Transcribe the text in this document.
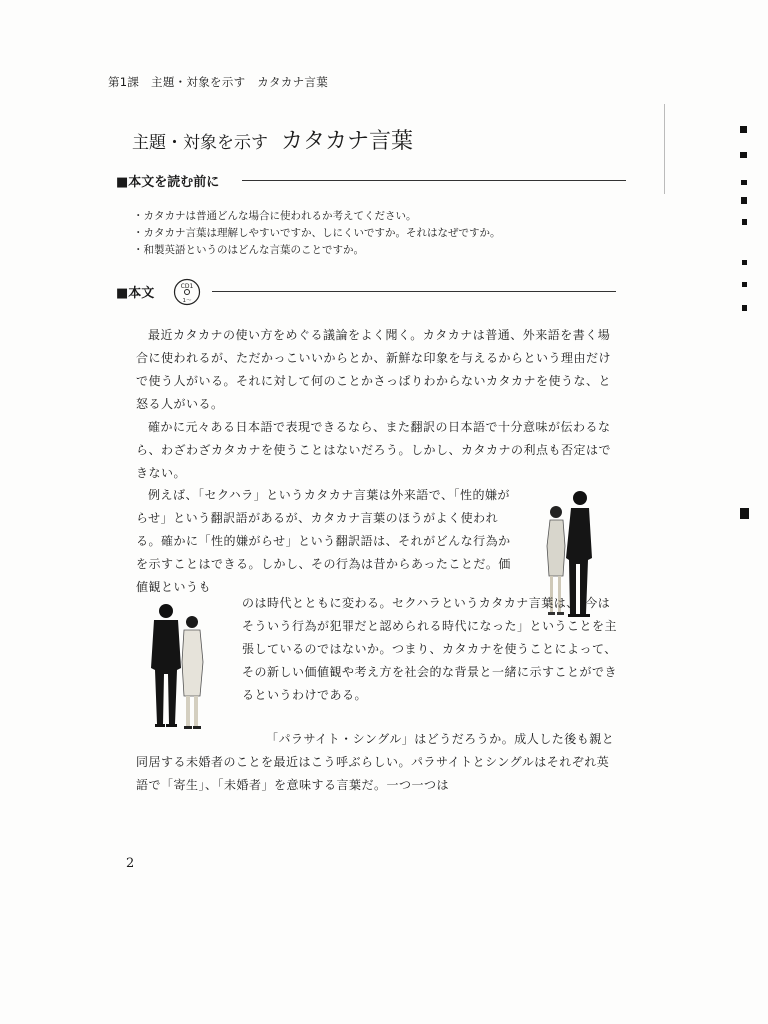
第1課　主題・対象を示す　カタカナ言葉
主題・対象を示す カタカナ言葉
■本文を読む前に
・ カタカナは普通どんな場合に使われるか考えてください。
・ カタカナ言葉は理解しやすいですか、しにくいですか。それはなぜですか。
・ 和製英語というのはどんな言葉のことですか。
■本文	CD1
1〜

最近カタカナの使い方をめぐる議論をよく聞く。カタカナは普通、外来語を書く場合に使われるが、ただかっこいいからとか、新鮮な印象を与えるからという理由だけで使う人がいる。それに対して何のことかさっぱりわからないカタカナを使うな、と怒る人がいる。

確かに元々ある日本語で表現できるなら、また翻訳の日本語で十分意味が伝わるなら、わざわざカタカナを使うことはないだろう。しかし、カタカナの利点も否定はできない。

例えば、「セクハラ」というカタカナ言葉は外来語で、「性的嫌がらせ」という翻訳語があるが、カタカナ言葉のほうがよく使われる。確かに「性的嫌がらせ」という翻訳語は、それがどんな行為かを示すことはできる。しかし、その行為は昔からあったことだ。価値観というも

のは時代とともに変わる。セクハラというカタカナ言葉は、「今はそういう行為が犯罪だと認められる時代になった」ということを主張しているのではないか。つまり、カタカナを使うことによって、その新しい価値観や考え方を社会的な背景と一緒に示すことができるというわけである。

「パラサイト・シングル」はどうだろうか。成人した後も親と同居する未婚者のことを最近はこう呼ぶらしい。パラサイトとシングルはそれぞれ英語で「寄生」、「未婚者」を意味する言葉だ。一つ一つは

2
